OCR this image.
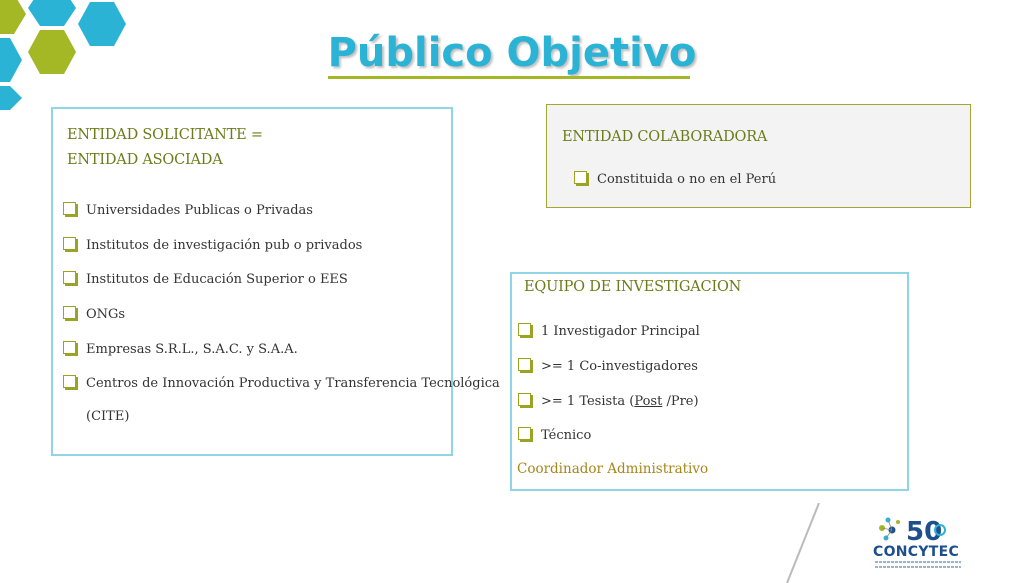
Público Objetivo
ENTIDAD SOLICITANTE =
ENTIDAD ASOCIADA
Universidades Publicas o Privadas
Institutos de investigación pub o privados
Institutos de Educación Superior o EES
ONGs
Empresas S.R.L., S.A.C. y S.A.A.
Centros de Innovación Productiva y Transferencia Tecnológica
(CITE)
ENTIDAD COLABORADORA
Constituida o no en el Perú
EQUIPO DE INVESTIGACION
1 Investigador Principal
>= 1 Co-investigadores
>= 1 Tesista (Post /Pre)
Técnico
Coordinador Administrativo
50
CONCYTEC
